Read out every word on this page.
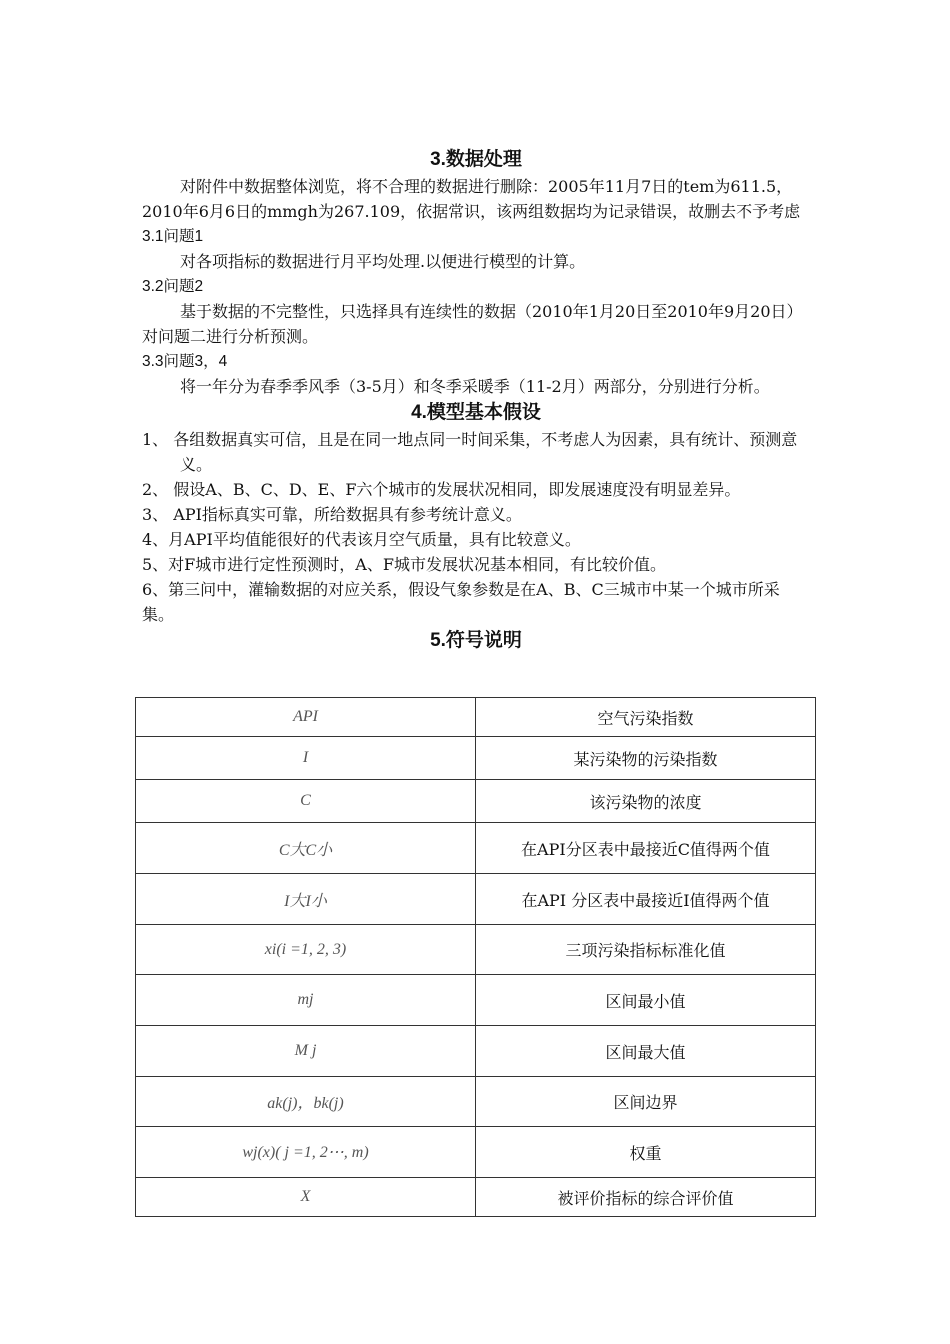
3.数据处理

对附件中数据整体浏览，将不合理的数据进行删除：2005年11月7日的tem为611.5，2010年6月6日的mmgh为267.109，依据常识，该两组数据均为记录错误，故删去不予考虑

3.1问题1

对各项指标的数据进行月平均处理.以便进行模型的计算。

3.2问题2

基于数据的不完整性，只选择具有连续性的数据（2010年1月20日至2010年9月20日）对问题二进行分析预测。

3.3问题3，4

将一年分为春季季风季（3-5月）和冬季采暖季（11-2月）两部分，分别进行分析。

4.模型基本假设

1、 各组数据真实可信，且是在同一地点同一时间采集，不考虑人为因素，具有统计、预测意义。

2、 假设A、B、C、D、E、F六个城市的发展状况相同，即发展速度没有明显差异。

3、 API指标真实可靠，所给数据具有参考统计意义。

4、月API平均值能很好的代表该月空气质量，具有比较意义。

5、对F城市进行定性预测时，A、F城市发展状况基本相同，有比较价值。

6、第三问中，灌输数据的对应关系，假设气象参数是在A、B、C三城市中某一个城市所采集。

5.符号说明
API	空气污染指数
I	某污染物的污染指数
C	该污染物的浓度
C大C小	在API分区表中最接近C值得两个值
I大I小	在API 分区表中最接近I值得两个值
xi(i =1, 2, 3)	三项污染指标标准化值
mj	区间最小值
M j	区间最大值
ak(j)，bk(j)	区间边界
wj(x)( j =1, 2⋯, m)	权重
X	被评价指标的综合评价值
